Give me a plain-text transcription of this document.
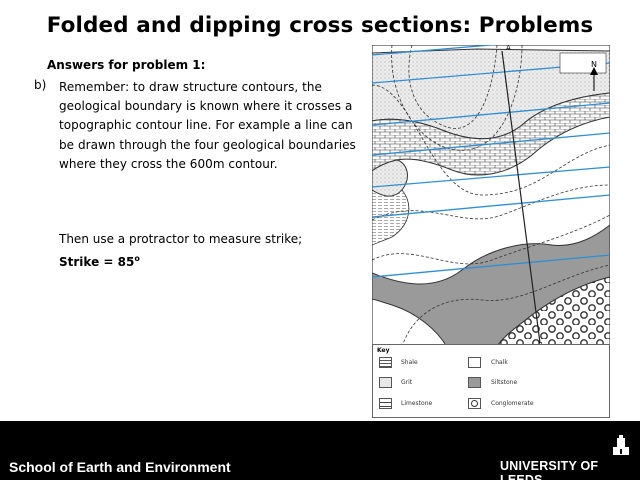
Folded and dipping cross sections: Problems
Answers for problem 1:
b) Remember: to draw structure contours, the geological boundary is known where it crosses a topographic contour line. For example a line can be drawn through the four geological boundaries where they cross the 600m contour.
Then use a protractor to measure strike;
Strike = $85^o$
A
N
Key
Shale
Grit
Limestone
Chalk
Siltstone
Conglomerate
School of Earth and Environment	UNIVERSITY OF LEEDS
